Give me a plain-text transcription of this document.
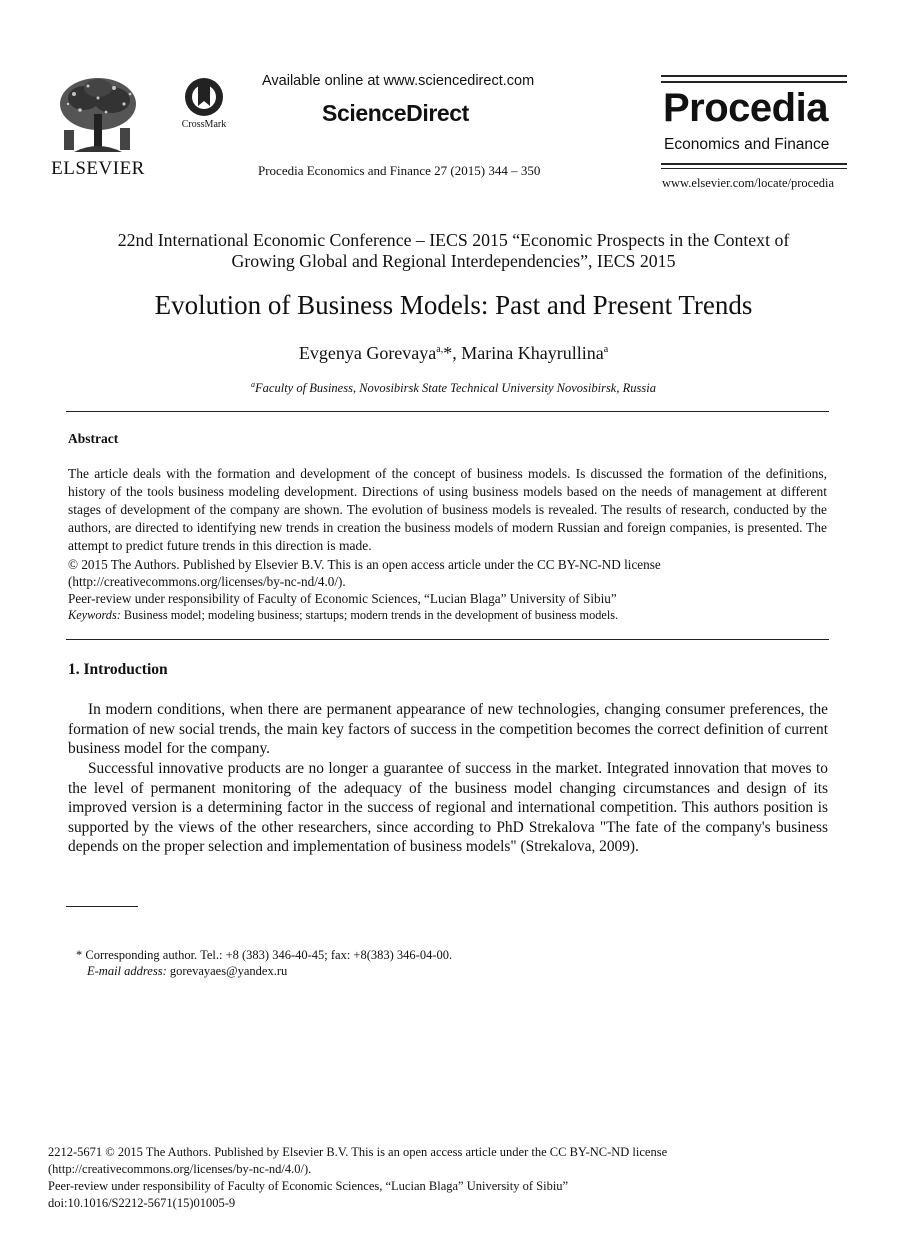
ELSEVIER
CrossMark
Available online at www.sciencedirect.com
ScienceDirect
Procedia Economics and Finance 27 (2015) 344 – 350
Procedia
Economics and Finance
www.elsevier.com/locate/procedia
22nd International Economic Conference – IECS 2015 “Economic Prospects in the Context of
Growing Global and Regional Interdependencies”, IECS 2015
Evolution of Business Models: Past and Present Trends
Evgenya Gorevaya$^{a,}$*, Marina Khayrullina$^a$
$^a$Faculty of Business, Novosibirsk State Technical University Novosibirsk, Russia
Abstract
The article deals with the formation and development of the concept of business models. Is discussed the formation of the definitions, history of the tools business modeling development. Directions of using business models based on the needs of management at different stages of development of the company are shown. The evolution of business models is revealed. The results of research, conducted by the authors, are directed to identifying new trends in creation the business models of modern Russian and foreign companies, is presented. The attempt to predict future trends in this direction is made.
© 2015 The Authors. Published by Elsevier B.V. This is an open access article under the CC BY-NC-ND license
(http://creativecommons.org/licenses/by-nc-nd/4.0/).
Peer-review under responsibility of Faculty of Economic Sciences, “Lucian Blaga” University of Sibiu”
Keywords: Business model; modeling business; startups; modern trends in the development of business models.
1. Introduction
In modern conditions, when there are permanent appearance of new technologies, changing consumer preferences, the formation of new social trends, the main key factors of success in the competition becomes the correct definition of current business model for the company.
Successful innovative products are no longer a guarantee of success in the market. Integrated innovation that moves to the level of permanent monitoring of the adequacy of the business model changing circumstances and design of its improved version is a determining factor in the success of regional and international competition. This authors position is supported by the views of the other researchers, since according to PhD Strekalova "The fate of the company's business depends on the proper selection and implementation of business models" (Strekalova, 2009).
* Corresponding author. Tel.: +8 (383) 346-40-45; fax: +8(383) 346-04-00.
E-mail address: gorevayaes@yandex.ru
2212-5671 © 2015 The Authors. Published by Elsevier B.V. This is an open access article under the CC BY-NC-ND license
(http://creativecommons.org/licenses/by-nc-nd/4.0/).
Peer-review under responsibility of Faculty of Economic Sciences, “Lucian Blaga” University of Sibiu”
doi:10.1016/S2212-5671(15)01005-9
